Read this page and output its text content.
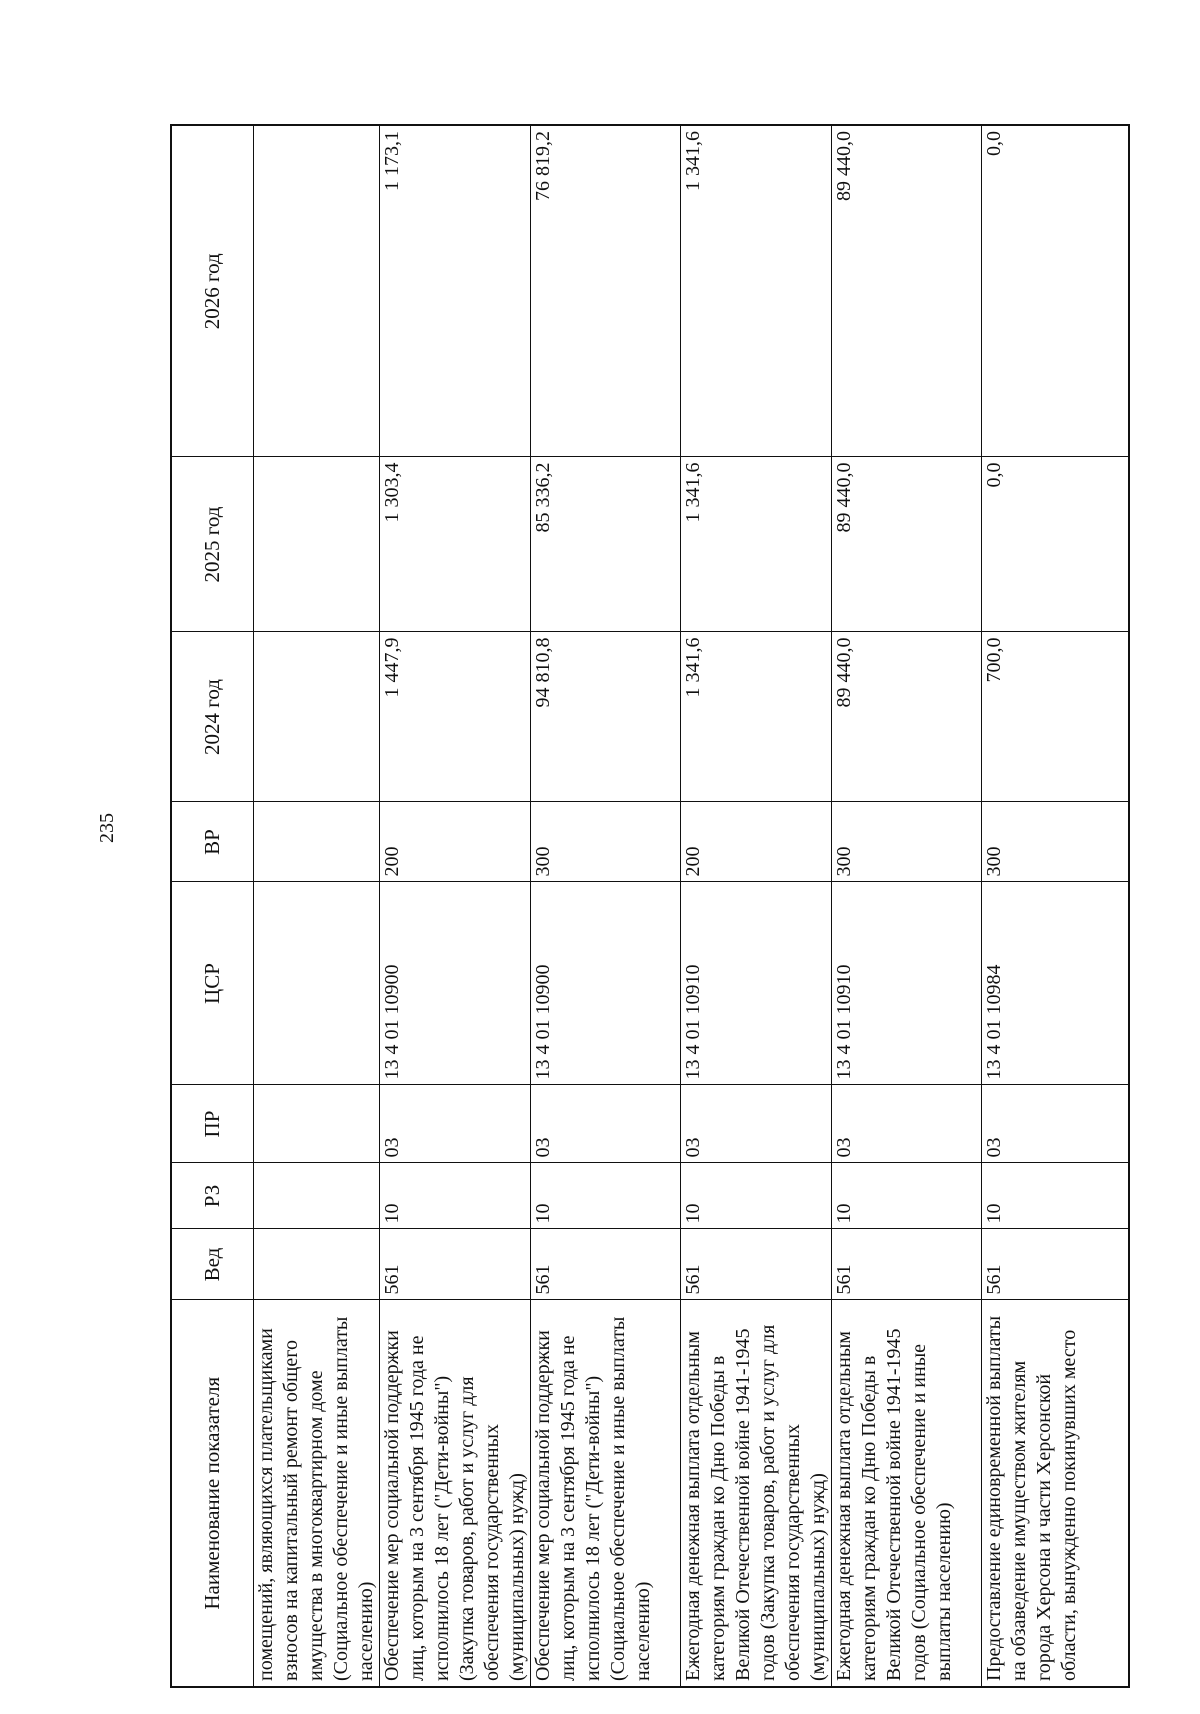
235
Наименование показателя	Вед	РЗ	ПР	ЦСР	ВР	2024 год	2025 год	2026 год
помещений, являющихся плательщиками взносов на капитальный ремонт общего имущества в многоквартирном доме (Социальное обеспечение и иные выплаты населению)								
Обеспечение мер социальной поддержки лиц, которым на 3 сентября 1945 года не исполнилось 18 лет ("Дети-войны") (Закупка товаров, работ и услуг для обеспечения государственных (муниципальных) нужд)	561	10	03	13 4 01 10900	200	1 447,9	1 303,4	1 173,1
Обеспечение мер социальной поддержки лиц, которым на 3 сентября 1945 года не исполнилось 18 лет ("Дети-войны") (Социальное обеспечение и иные выплаты населению)	561	10	03	13 4 01 10900	300	94 810,8	85 336,2	76 819,2
Ежегодная денежная выплата отдельным категориям граждан ко Дню Победы в Великой Отечественной войне 1941-1945 годов (Закупка товаров, работ и услуг для обеспечения государственных (муниципальных) нужд)	561	10	03	13 4 01 10910	200	1 341,6	1 341,6	1 341,6
Ежегодная денежная выплата отдельным категориям граждан ко Дню Победы в Великой Отечественной войне 1941-1945 годов (Социальное обеспечение и иные выплаты населению)	561	10	03	13 4 01 10910	300	89 440,0	89 440,0	89 440,0
Предоставление единовременной выплаты на обзаведение имуществом жителям города Херсона и части Херсонской области, вынужденно покинувших место	561	10	03	13 4 01 10984	300	700,0	0,0	0,0
